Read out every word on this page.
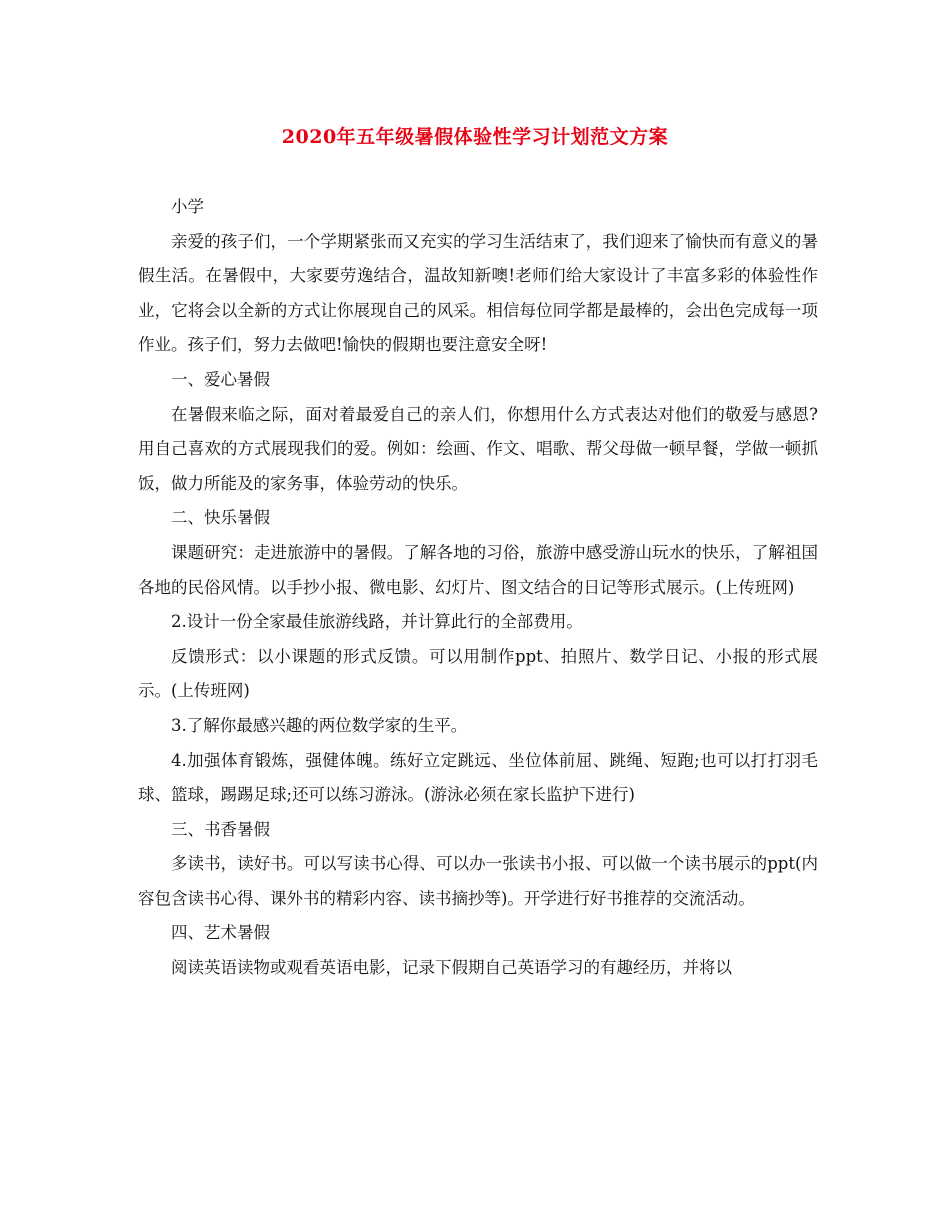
2020年五年级暑假体验性学习计划范文方案

小学

亲爱的孩子们，一个学期紧张而又充实的学习生活结束了，我们迎来了愉快而有意义的暑假生活。在暑假中，大家要劳逸结合，温故知新噢!老师们给大家设计了丰富多彩的体验性作业，它将会以全新的方式让你展现自己的风采。相信每位同学都是最棒的，会出色完成每一项作业。孩子们，努力去做吧!愉快的假期也要注意安全呀!

一、爱心暑假

在暑假来临之际，面对着最爱自己的亲人们，你想用什么方式表达对他们的敬爱与感恩?用自己喜欢的方式展现我们的爱。例如：绘画、作文、唱歌、帮父母做一顿早餐，学做一顿抓饭，做力所能及的家务事，体验劳动的快乐。

二、快乐暑假

课题研究：走进旅游中的暑假。了解各地的习俗，旅游中感受游山玩水的快乐，了解祖国各地的民俗风情。以手抄小报、微电影、幻灯片、图文结合的日记等形式展示。(上传班网)

2.设计一份全家最佳旅游线路，并计算此行的全部费用。

反馈形式：以小课题的形式反馈。可以用制作ppt、拍照片、数学日记、小报的形式展示。(上传班网)

3.了解你最感兴趣的两位数学家的生平。

4.加强体育锻炼，强健体魄。练好立定跳远、坐位体前屈、跳绳、短跑;也可以打打羽毛球、篮球，踢踢足球;还可以练习游泳。(游泳必须在家长监护下进行)

三、书香暑假

多读书，读好书。可以写读书心得、可以办一张读书小报、可以做一个读书展示的ppt(内容包含读书心得、课外书的精彩内容、读书摘抄等)。开学进行好书推荐的交流活动。

四、艺术暑假

阅读英语读物或观看英语电影，记录下假期自己英语学习的有趣经历，并将以
